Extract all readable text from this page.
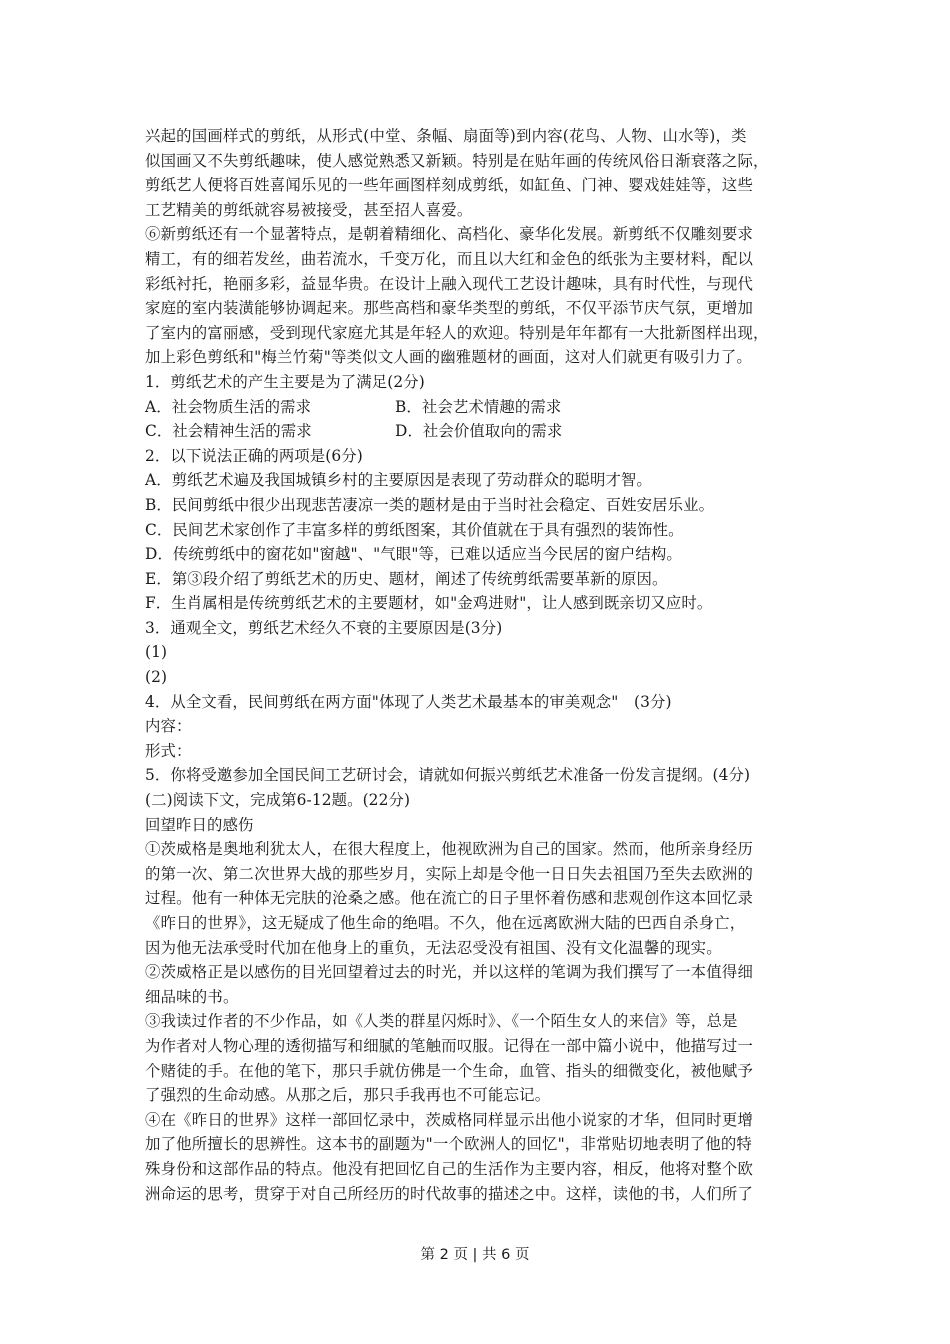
兴起的国画样式的剪纸，从形式(中堂、条幅、扇面等)到内容(花鸟、人物、山水等)，类
似国画又不失剪纸趣味，使人感觉熟悉又新颖。特别是在贴年画的传统风俗日渐衰落之际，
剪纸艺人便将百姓喜闻乐见的一些年画图样刻成剪纸，如缸鱼、门神、婴戏娃娃等，这些
工艺精美的剪纸就容易被接受，甚至招人喜爱。
⑥新剪纸还有一个显著特点，是朝着精细化、高档化、豪华化发展。新剪纸不仅雕刻要求
精工，有的细若发丝，曲若流水，千变万化，而且以大红和金色的纸张为主要材料，配以
彩纸衬托，艳丽多彩，益显华贵。在设计上融入现代工艺设计趣味，具有时代性，与现代
家庭的室内装潢能够协调起来。那些高档和豪华类型的剪纸，不仅平添节庆气氛，更增加
了室内的富丽感，受到现代家庭尤其是年轻人的欢迎。特别是年年都有一大批新图样出现，
加上彩色剪纸和"梅兰竹菊"等类似文人画的幽雅题材的画面，这对人们就更有吸引力了。
1．剪纸艺术的产生主要是为了满足(2分)
A．社会物质生活的需求	B．社会艺术情趣的需求
C．社会精神生活的需求	D．社会价值取向的需求
2．以下说法正确的两项是(6分)
A．剪纸艺术遍及我国城镇乡村的主要原因是表现了劳动群众的聪明才智。
B．民间剪纸中很少出现悲苦凄凉一类的题材是由于当时社会稳定、百姓安居乐业。
C．民间艺术家创作了丰富多样的剪纸图案，其价值就在于具有强烈的装饰性。
D．传统剪纸中的窗花如"窗越"、"气眼"等，已难以适应当今民居的窗户结构。
E．第③段介绍了剪纸艺术的历史、题材，阐述了传统剪纸需要革新的原因。
F．生肖属相是传统剪纸艺术的主要题材，如"金鸡进财"，让人感到既亲切又应时。
3．通观全文，剪纸艺术经久不衰的主要原因是(3分)
(1)
(2)
4．从全文看，民间剪纸在两方面"体现了人类艺术最基本的审美观念"　(3分)
内容：
形式：
5．你将受邀参加全国民间工艺研讨会，请就如何振兴剪纸艺术准备一份发言提纲。(4分)
(二)阅读下文，完成第6-12题。(22分)
回望昨日的感伤
①茨威格是奥地利犹太人，在很大程度上，他视欧洲为自己的国家。然而，他所亲身经历
的第一次、第二次世界大战的那些岁月，实际上却是令他一日日失去祖国乃至失去欧洲的
过程。他有一种体无完肤的沧桑之感。他在流亡的日子里怀着伤感和悲观创作这本回忆录
《昨日的世界》，这无疑成了他生命的绝唱。不久，他在远离欧洲大陆的巴西自杀身亡，
因为他无法承受时代加在他身上的重负，无法忍受没有祖国、没有文化温馨的现实。
②茨威格正是以感伤的目光回望着过去的时光，并以这样的笔调为我们撰写了一本值得细
细品味的书。
③我读过作者的不少作品，如《人类的群星闪烁时》、《一个陌生女人的来信》等，总是
为作者对人物心理的透彻描写和细腻的笔触而叹服。记得在一部中篇小说中，他描写过一
个赌徒的手。在他的笔下，那只手就仿佛是一个生命，血管、指头的细微变化，被他赋予
了强烈的生命动感。从那之后，那只手我再也不可能忘记。
④在《昨日的世界》这样一部回忆录中，茨威格同样显示出他小说家的才华，但同时更增
加了他所擅长的思辨性。这本书的副题为"一个欧洲人的回忆"，非常贴切地表明了他的特
殊身份和这部作品的特点。他没有把回忆自己的生活作为主要内容，相反，他将对整个欧
洲命运的思考，贯穿于对自己所经历的时代故事的描述之中。这样，读他的书，人们所了
第 2 页 | 共 6 页
